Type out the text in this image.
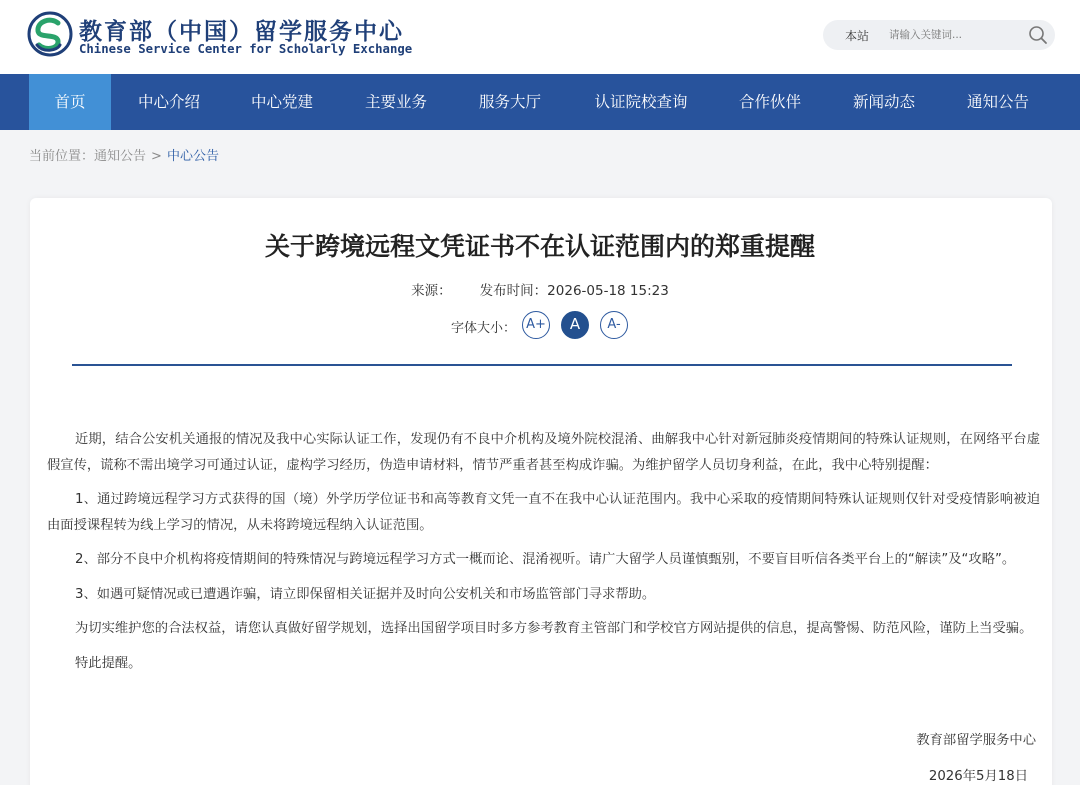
教育部（中国）留学服务中心
Chinese Service Center for Scholarly Exchange
本站
请输入关键词...
首页	中心介绍	中心党建	主要业务	服务大厅	认证院校查询	合作伙伴	新闻动态	通知公告
当前位置：通知公告 > 中心公告
关于跨境远程文凭证书不在认证范围内的郑重提醒
来源： 发布时间：2026-05-18 15:23
字体大小： A+	A	A-

近期，结合公安机关通报的情况及我中心实际认证工作，发现仍有不良中介机构及境外院校混淆、曲解我中心针对新冠肺炎疫情期间的特殊认证规则，在网络平台虚假宣传，谎称不需出境学习可通过认证，虚构学习经历，伪造申请材料，情节严重者甚至构成诈骗。为维护留学人员切身利益，在此，我中心特别提醒：

1、通过跨境远程学习方式获得的国（境）外学历学位证书和高等教育文凭一直不在我中心认证范围内。我中心采取的疫情期间特殊认证规则仅针对受疫情影响被迫由面授课程转为线上学习的情况，从未将跨境远程纳入认证范围。

2、部分不良中介机构将疫情期间的特殊情况与跨境远程学习方式一概而论、混淆视听。请广大留学人员谨慎甄别，不要盲目听信各类平台上的“解读”及“攻略”。

3、如遇可疑情况或已遭遇诈骗，请立即保留相关证据并及时向公安机关和市场监管部门寻求帮助。

为切实维护您的合法权益，请您认真做好留学规划，选择出国留学项目时多方参考教育主管部门和学校官方网站提供的信息，提高警惕、防范风险，谨防上当受骗。

特此提醒。

教育部留学服务中心
2026年5月18日
